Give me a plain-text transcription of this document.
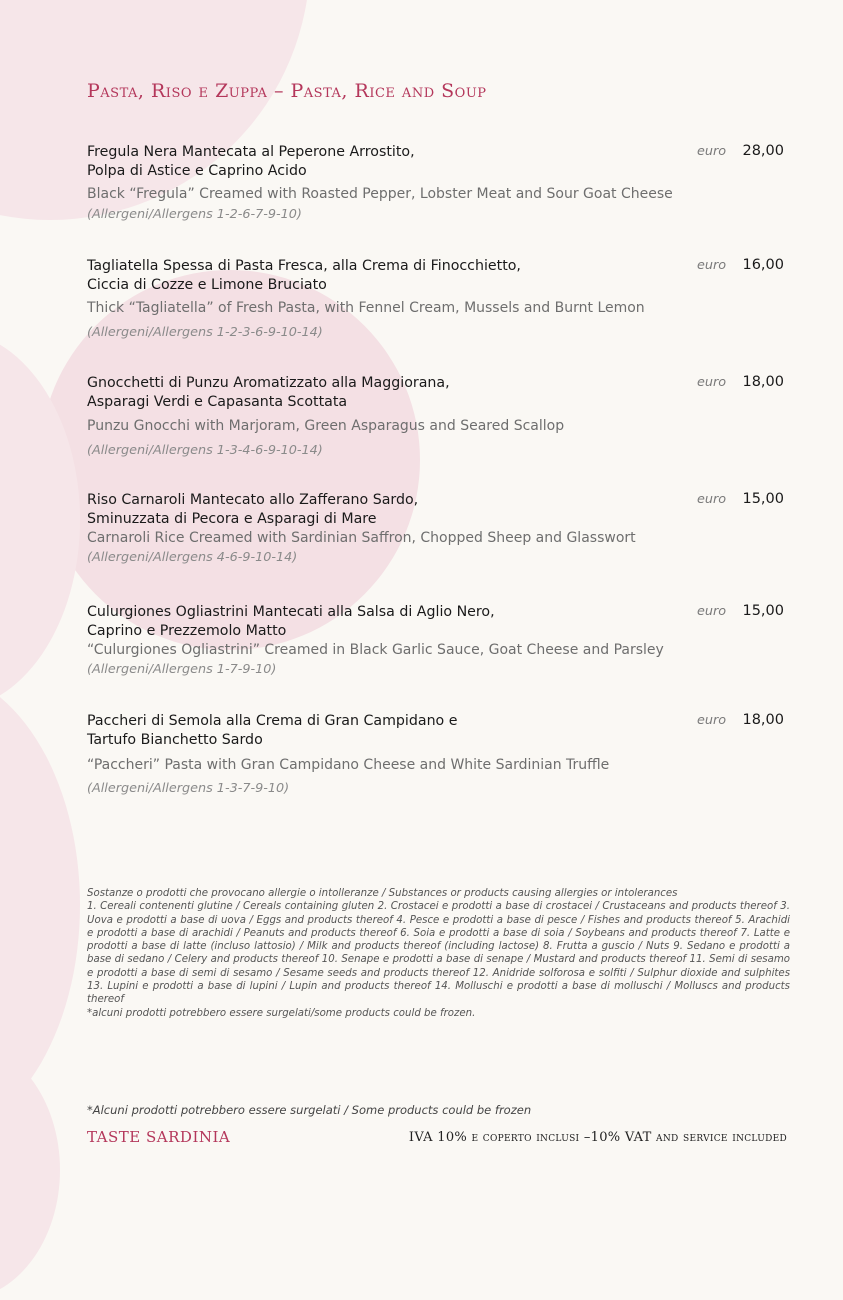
Pasta, Riso e Zuppa – Pasta, Rice and Soup
Fregula Nera Mantecata al Peperone Arrostito,
Polpa di Astice e Caprino Acido
Black “Fregula” Creamed with Roasted Pepper, Lobster Meat and Sour Goat Cheese
(Allergeni/Allergens 1-2-6-7-9-10)
euro 28,00
Tagliatella Spessa di Pasta Fresca, alla Crema di Finocchietto,
Ciccia di Cozze e Limone Bruciato
Thick “Tagliatella” of Fresh Pasta, with Fennel Cream, Mussels and Burnt Lemon
(Allergeni/Allergens 1-2-3-6-9-10-14)
euro 16,00
Gnocchetti di Punzu Aromatizzato alla Maggiorana,
Asparagi Verdi e Capasanta Scottata
Punzu Gnocchi with Marjoram, Green Asparagus and Seared Scallop
(Allergeni/Allergens 1-3-4-6-9-10-14)
euro 18,00
Riso Carnaroli Mantecato allo Zafferano Sardo,
Sminuzzata di Pecora e Asparagi di Mare
Carnaroli Rice Creamed with Sardinian Saffron, Chopped Sheep and Glasswort
(Allergeni/Allergens 4-6-9-10-14)
euro 15,00
Culurgiones Ogliastrini Mantecati alla Salsa di Aglio Nero,
Caprino e Prezzemolo Matto
“Culurgiones Ogliastrini” Creamed in Black Garlic Sauce, Goat Cheese and Parsley
(Allergeni/Allergens 1-7-9-10)
euro 15,00
Paccheri di Semola alla Crema di Gran Campidano e
Tartufo Bianchetto Sardo
“Paccheri” Pasta with Gran Campidano Cheese and White Sardinian Truffle
(Allergeni/Allergens 1-3-7-9-10)
euro 18,00

Sostanze o prodotti che provocano allergie o intolleranze / Substances or products causing allergies or intolerances

1. Cereali contenenti glutine / Cereals containing gluten 2. Crostacei e prodotti a base di crostacei / Crustaceans and products thereof 3. Uova e prodotti a base di uova / Eggs and products thereof 4. Pesce e prodotti a base di pesce / Fishes and products thereof 5. Arachidi e prodotti a base di arachidi / Peanuts and products thereof 6. Soia e prodotti a base di soia / Soybeans and products thereof 7. Latte e prodotti a base di latte (incluso lattosio) / Milk and products thereof (including lactose) 8. Frutta a guscio / Nuts 9. Sedano e prodotti a base di sedano / Celery and products thereof 10. Senape e prodotti a base di senape / Mustard and products thereof 11. Semi di sesamo e prodotti a base di semi di sesamo / Sesame seeds and products thereof 12. Anidride solforosa e solfiti / Sulphur dioxide and sulphites 13. Lupini e prodotti a base di lupini / Lupin and products thereof 14. Molluschi e prodotti a base di molluschi / Molluscs and products thereof

*alcuni prodotti potrebbero essere surgelati/some products could be frozen.

*Alcuni prodotti potrebbero essere surgelati / Some products could be frozen
TASTE SARDINIA	IVA 10% e coperto inclusi –10% VAT and service included
